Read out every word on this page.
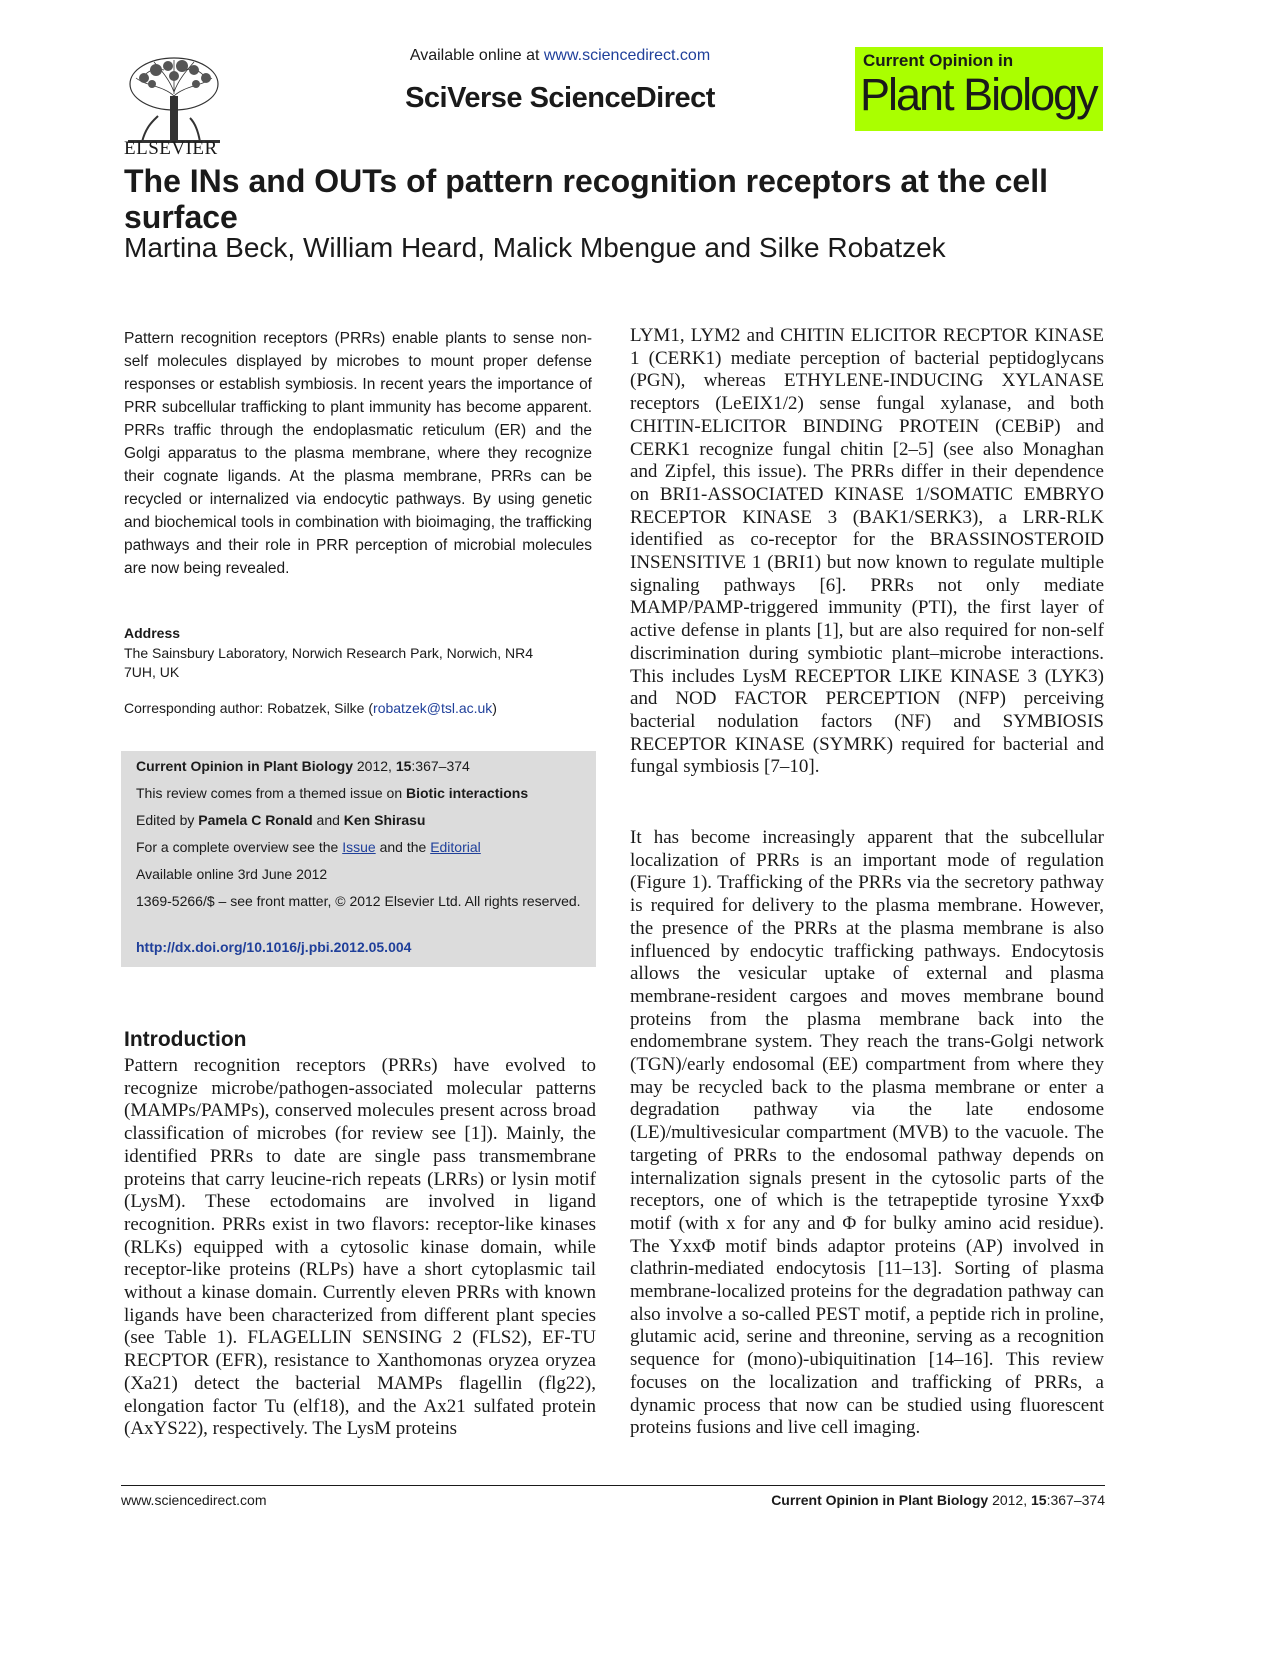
ELSEVIER
Available online at www.sciencedirect.com
SciVerse ScienceDirect
Current Opinion in
Plant Biology
The INs and OUTs of pattern recognition receptors at the cell surface
Martina Beck, William Heard, Malick Mbengue and Silke Robatzek
Pattern recognition receptors (PRRs) enable plants to sense non-self molecules displayed by microbes to mount proper defense responses or establish symbiosis. In recent years the importance of PRR subcellular trafficking to plant immunity has become apparent. PRRs traffic through the endoplasmatic reticulum (ER) and the Golgi apparatus to the plasma membrane, where they recognize their cognate ligands. At the plasma membrane, PRRs can be recycled or internalized via endocytic pathways. By using genetic and biochemical tools in combination with bioimaging, the trafficking pathways and their role in PRR perception of microbial molecules are now being revealed.
Address
The Sainsbury Laboratory, Norwich Research Park, Norwich, NR4 7UH, UK
Corresponding author: Robatzek, Silke (robatzek@tsl.ac.uk)
Current Opinion in Plant Biology 2012, 15:367–374
This review comes from a themed issue on Biotic interactions
Edited by Pamela C Ronald and Ken Shirasu
For a complete overview see the Issue and the Editorial
Available online 3rd June 2012
1369-5266/$ – see front matter, © 2012 Elsevier Ltd. All rights reserved.
http://dx.doi.org/10.1016/j.pbi.2012.05.004
Introduction
Pattern recognition receptors (PRRs) have evolved to recognize microbe/pathogen-associated molecular patterns (MAMPs/PAMPs), conserved molecules present across broad classification of microbes (for review see [1]). Mainly, the identified PRRs to date are single pass transmembrane proteins that carry leucine-rich repeats (LRRs) or lysin motif (LysM). These ectodomains are involved in ligand recognition. PRRs exist in two flavors: receptor-like kinases (RLKs) equipped with a cytosolic kinase domain, while receptor-like proteins (RLPs) have a short cytoplasmic tail without a kinase domain. Currently eleven PRRs with known ligands have been characterized from different plant species (see Table 1). FLAGELLIN SENSING 2 (FLS2), EF-TU RECPTOR (EFR), resistance to Xanthomonas oryzea oryzea (Xa21) detect the bacterial MAMPs flagellin (flg22), elongation factor Tu (elf18), and the Ax21 sulfated protein (AxYS22), respectively. The LysM proteins
LYM1, LYM2 and CHITIN ELICITOR RECPTOR KINASE 1 (CERK1) mediate perception of bacterial peptidoglycans (PGN), whereas ETHYLENE-INDUCING XYLANASE receptors (LeEIX1/2) sense fungal xylanase, and both CHITIN-ELICITOR BINDING PROTEIN (CEBiP) and CERK1 recognize fungal chitin [2–5] (see also Monaghan and Zipfel, this issue). The PRRs differ in their dependence on BRI1-ASSOCIATED KINASE 1/SOMATIC EMBRYO RECEPTOR KINASE 3 (BAK1/SERK3), a LRR-RLK identified as co-receptor for the BRASSINOSTEROID INSENSITIVE 1 (BRI1) but now known to regulate multiple signaling pathways [6]. PRRs not only mediate MAMP/PAMP-triggered immunity (PTI), the first layer of active defense in plants [1], but are also required for non-self discrimination during symbiotic plant–microbe interactions. This includes LysM RECEPTOR LIKE KINASE 3 (LYK3) and NOD FACTOR PERCEPTION (NFP) perceiving bacterial nodulation factors (NF) and SYMBIOSIS RECEPTOR KINASE (SYMRK) required for bacterial and fungal symbiosis [7–10].
It has become increasingly apparent that the subcellular localization of PRRs is an important mode of regulation (Figure 1). Trafficking of the PRRs via the secretory pathway is required for delivery to the plasma membrane. However, the presence of the PRRs at the plasma membrane is also influenced by endocytic trafficking pathways. Endocytosis allows the vesicular uptake of external and plasma membrane-resident cargoes and moves membrane bound proteins from the plasma membrane back into the endomembrane system. They reach the trans-Golgi network (TGN)/early endosomal (EE) compartment from where they may be recycled back to the plasma membrane or enter a degradation pathway via the late endosome (LE)/multivesicular compartment (MVB) to the vacuole. The targeting of PRRs to the endosomal pathway depends on internalization signals present in the cytosolic parts of the receptors, one of which is the tetrapeptide tyrosine YxxΦ motif (with x for any and Φ for bulky amino acid residue). The YxxΦ motif binds adaptor proteins (AP) involved in clathrin-mediated endocytosis [11–13]. Sorting of plasma membrane-localized proteins for the degradation pathway can also involve a so-called PEST motif, a peptide rich in proline, glutamic acid, serine and threonine, serving as a recognition sequence for (mono)-ubiquitination [14–16]. This review focuses on the localization and trafficking of PRRs, a dynamic process that now can be studied using fluorescent proteins fusions and live cell imaging.
www.sciencedirect.com	Current Opinion in Plant Biology 2012, 15:367–374
